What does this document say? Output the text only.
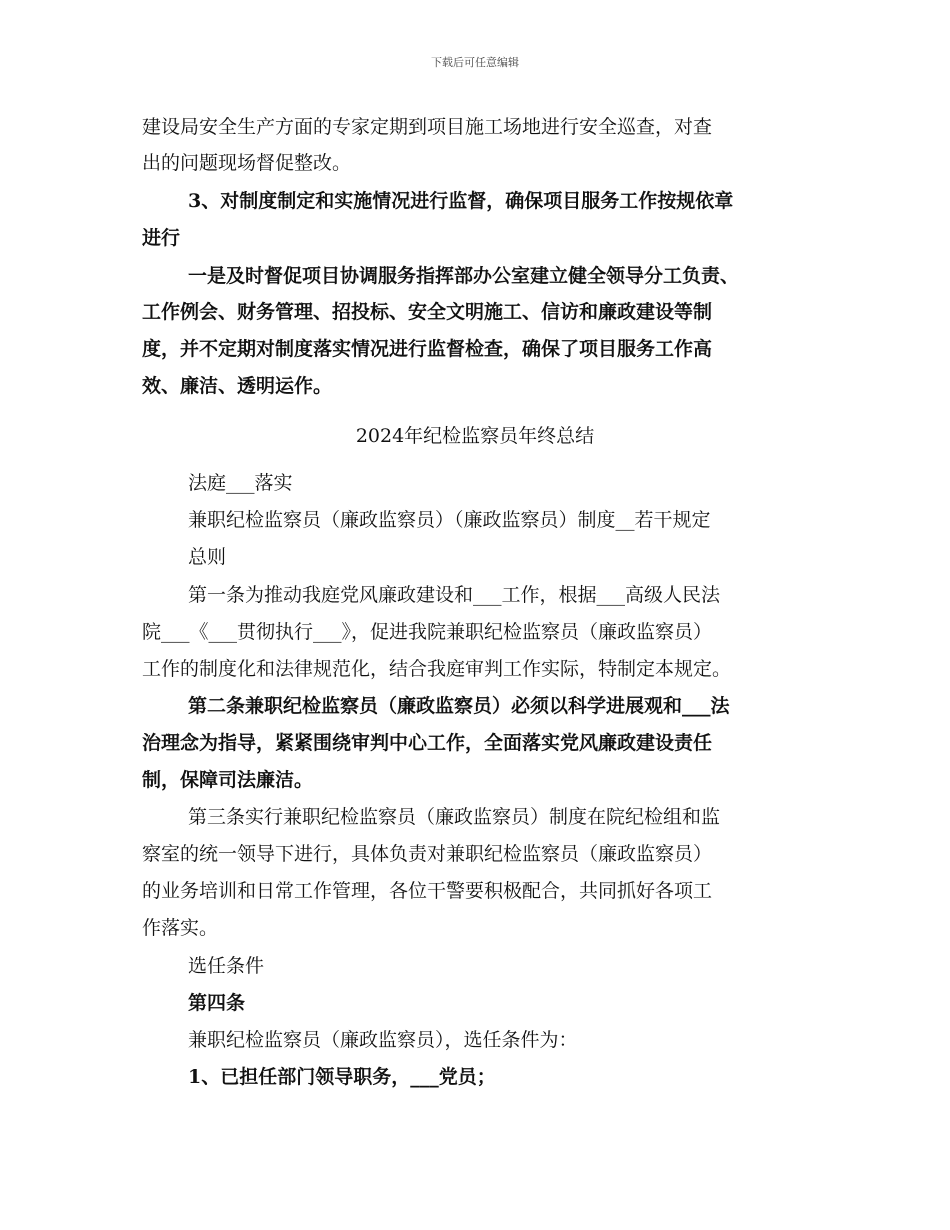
下载后可任意编辑
建设局安全生产方面的专家定期到项目施工场地进行安全巡查，对查
出的问题现场督促整改。
3、对制度制定和实施情况进行监督，确保项目服务工作按规依章
进行
一是及时督促项目协调服务指挥部办公室建立健全领导分工负责、
工作例会、财务管理、招投标、安全文明施工、信访和廉政建设等制
度，并不定期对制度落实情况进行监督检查，确保了项目服务工作高
效、廉洁、透明运作。
2024年纪检监察员年终总结
法庭___落实
兼职纪检监察员（廉政监察员）（廉政监察员）制度__若干规定
总则
第一条为推动我庭党风廉政建设和___工作，根据___高级人民法
院___《___贯彻执行___》，促进我院兼职纪检监察员（廉政监察员）
工作的制度化和法律规范化，结合我庭审判工作实际，特制定本规定。
第二条兼职纪检监察员（廉政监察员）必须以科学进展观和___法
治理念为指导，紧紧围绕审判中心工作，全面落实党风廉政建设责任
制，保障司法廉洁。
第三条实行兼职纪检监察员（廉政监察员）制度在院纪检组和监
察室的统一领导下进行，具体负责对兼职纪检监察员（廉政监察员）
的业务培训和日常工作管理，各位干警要积极配合，共同抓好各项工
作落实。
选任条件
第四条
兼职纪检监察员（廉政监察员），选任条件为：
1、已担任部门领导职务，___党员；
